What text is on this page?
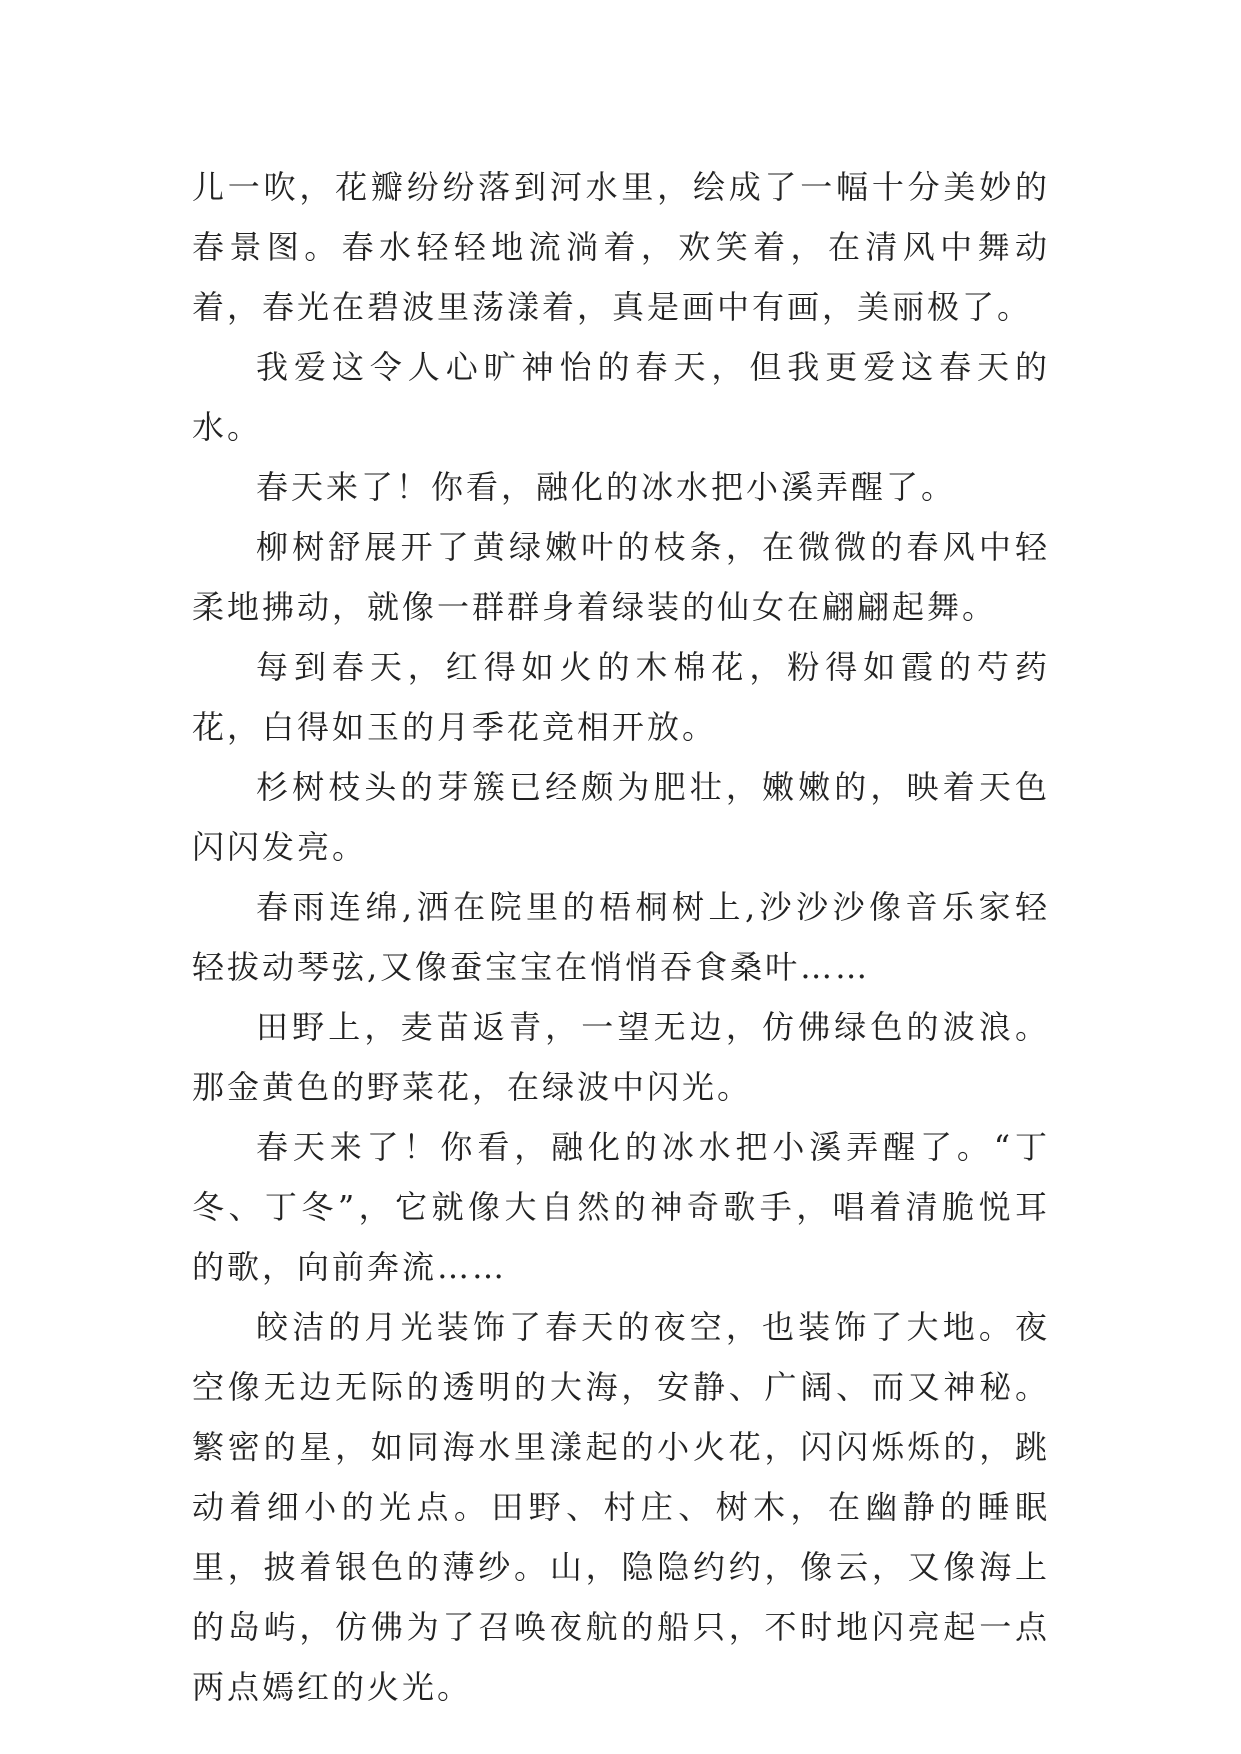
儿一吹，花瓣纷纷落到河水里，绘成了一幅十分美妙的春景图。春水轻轻地流淌着，欢笑着，在清风中舞动着，春光在碧波里荡漾着，真是画中有画，美丽极了。

我爱这令人心旷神怡的春天，但我更爱这春天的水。

春天来了！你看，融化的冰水把小溪弄醒了。

柳树舒展开了黄绿嫩叶的枝条，在微微的春风中轻柔地拂动，就像一群群身着绿装的仙女在翩翩起舞。

每到春天，红得如火的木棉花，粉得如霞的芍药花，白得如玉的月季花竞相开放。

杉树枝头的芽簇已经颇为肥壮，嫩嫩的，映着天色闪闪发亮。

春雨连绵,洒在院里的梧桐树上,沙沙沙像音乐家轻轻拔动琴弦,又像蚕宝宝在悄悄吞食桑叶……

田野上，麦苗返青，一望无边，仿佛绿色的波浪。那金黄色的野菜花，在绿波中闪光。

春天来了！你看，融化的冰水把小溪弄醒了。“丁冬、丁冬”，它就像大自然的神奇歌手，唱着清脆悦耳的歌，向前奔流……

皎洁的月光装饰了春天的夜空，也装饰了大地。夜空像无边无际的透明的大海，安静、广阔、而又神秘。繁密的星，如同海水里漾起的小火花，闪闪烁烁的，跳动着细小的光点。田野、村庄、树木，在幽静的睡眠里，披着银色的薄纱。山，隐隐约约，像云，又像海上的岛屿，仿佛为了召唤夜航的船只，不时地闪亮起一点两点嫣红的火光。
